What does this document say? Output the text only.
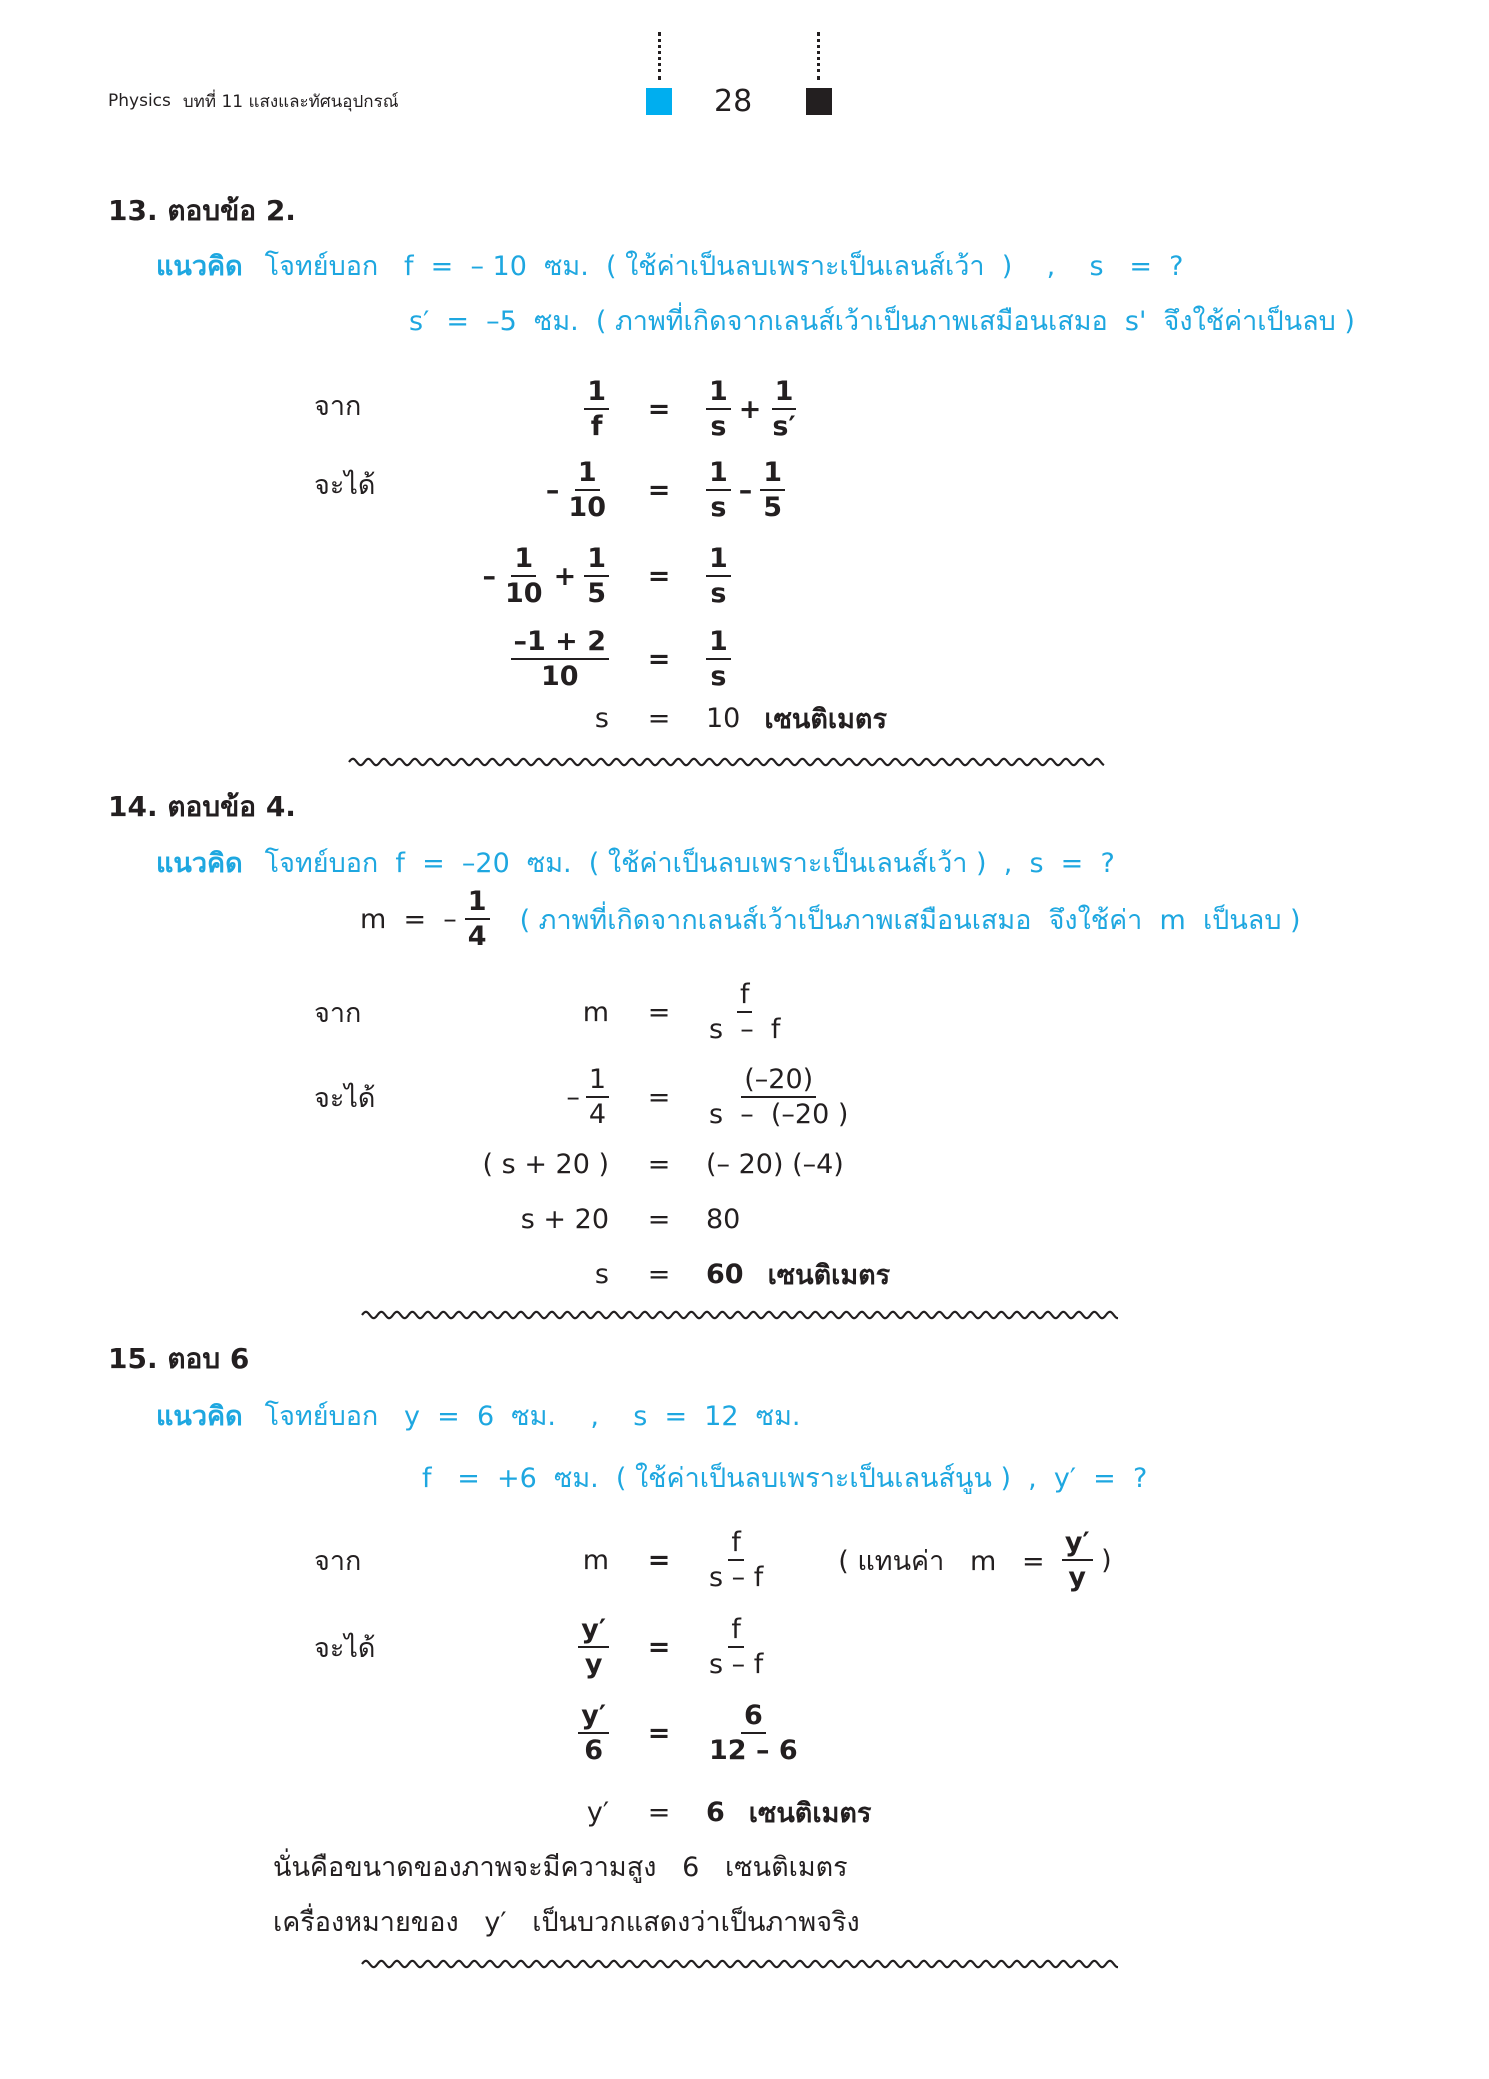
Physics บทที่ 11 แสงและทัศนอุปกรณ์	28
13. ตอบข้อ 2.
แนวคิด โจทย์บอก   f  =  – 10  ซม.  ( ใช้ค่าเป็นลบเพราะเป็นเลนส์เว้า  )    ,    s   =  ?
s′  =  –5  ซม.  ( ภาพที่เกิดจากเลนส์เว้าเป็นภาพเสมือนเสมอ  s'  จึงใช้ค่าเป็นลบ )
จาก
จะได้
$\frac{1}{f}$	=	$\frac{1}{s} + \frac{1}{s'}$
– $\frac{1}{10}$	=	$\frac{1}{s} - \frac{1}{5}$
– $\frac{1}{10} + \frac{1}{5}$	=	$\frac{1}{s}$
$\frac{-1 + 2}{10}$	=	$\frac{1}{s}$
s	=	10 เซนติเมตร
14. ตอบข้อ 4.
แนวคิด โจทย์บอก  f  =  –20  ซม.  ( ใช้ค่าเป็นลบเพราะเป็นเลนส์เว้า )  ,  s  =  ?
m  =  – $\frac{1}{4}$ ( ภาพที่เกิดจากเลนส์เว้าเป็นภาพเสมือนเสมอ  จึงใช้ค่า  m  เป็นลบ )
จาก
จะได้
m	=	$\frac{f}{s - f}$
– $\frac{1}{4}$	=	$\frac{(-20)}{s - (-20 )}$
( s + 20 )	=	(– 20) (–4)
s + 20	=	80
s	=	60 เซนติเมตร
15. ตอบ 6
แนวคิด โจทย์บอก   y  =  6  ซม.    ,    s  =  12  ซม.
f   =  +6  ซม.  ( ใช้ค่าเป็นลบเพราะเป็นเลนส์นูน )  ,  y′  =  ?
จาก
จะได้
m	=	$\frac{f}{s - f}$	( แทนค่า   $m = \frac{y'}{y}$ )
$\frac{y'}{y}$	=	$\frac{f}{s - f}$
$\frac{y'}{6}$	=	$\frac{6}{12 - 6}$
y′	=	6 เซนติเมตร
นั่นคือขนาดของภาพจะมีความสูง   6   เซนติเมตร
เครื่องหมายของ   y′   เป็นบวกแสดงว่าเป็นภาพจริง
